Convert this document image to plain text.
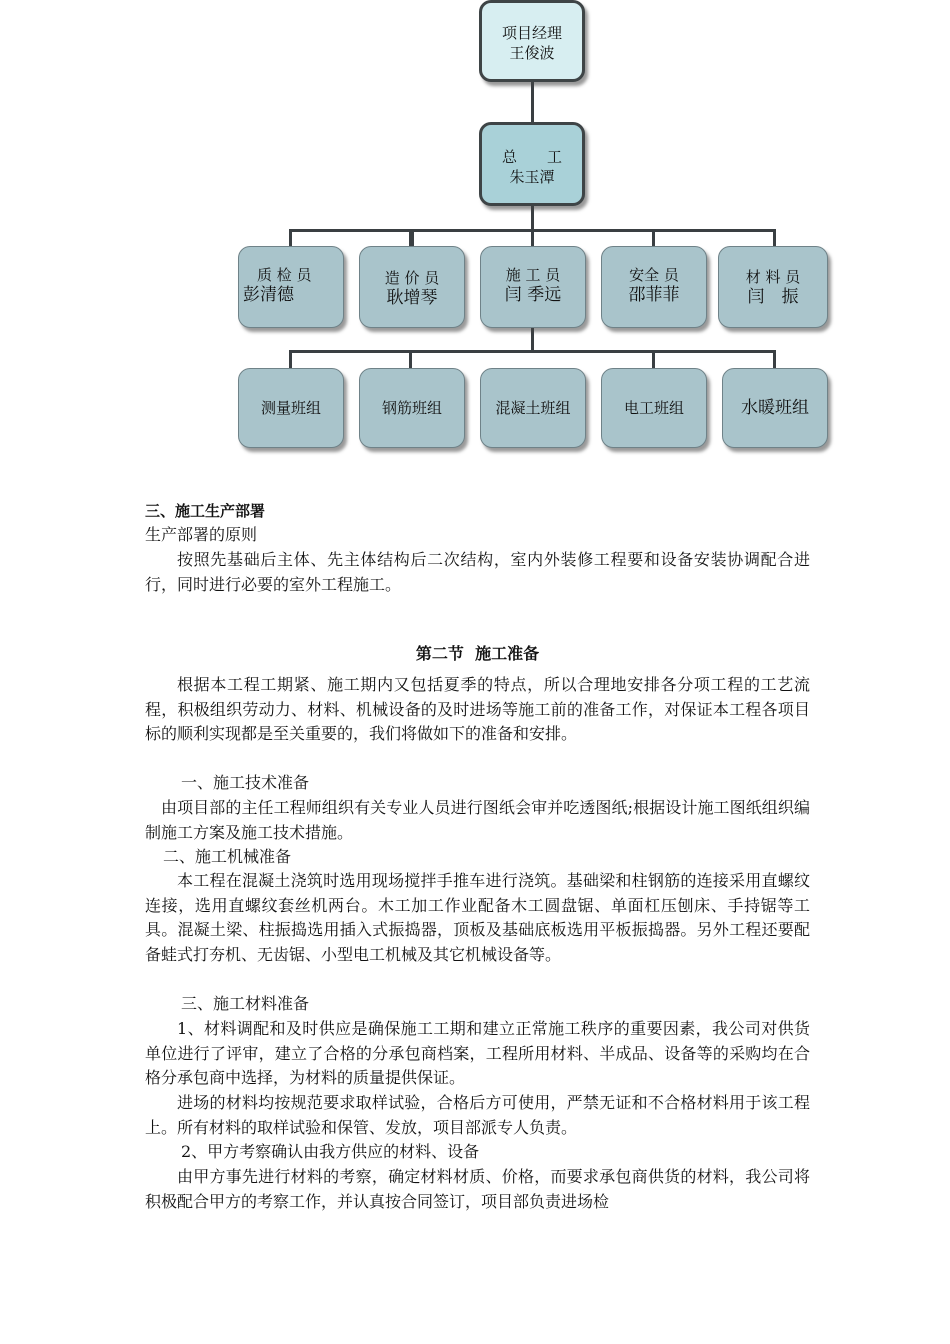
项目经理
王俊波
总　　工
朱玉潭
质 检 员
彭清德
造 价 员
耿增琴
施 工 员
闫 季远
安全 员
邵菲菲
材 料 员
闫　振
测量班组	钢筋班组	混凝土班组	电工班组	水暖班组
三、施工生产部署
生产部署的原则

按照先基础后主体、先主体结构后二次结构，室内外装修工程要和设备安装协调配合进行，同时进行必要的室外工程施工。

第二节  施工准备

根据本工程工期紧、施工期内又包括夏季的特点，所以合理地安排各分项工程的工艺流程，积极组织劳动力、材料、机械设备的及时进场等施工前的准备工作，对保证本工程各项目标的顺利实现都是至关重要的，我们将做如下的准备和安排。

一、施工技术准备

由项目部的主任工程师组织有关专业人员进行图纸会审并吃透图纸;根据设计施工图纸组织编制施工方案及施工技术措施。

二、施工机械准备

本工程在混凝土浇筑时选用现场搅拌手推车进行浇筑。基础梁和柱钢筋的连接采用直螺纹连接，选用直螺纹套丝机两台。木工加工作业配备木工圆盘锯、单面杠压刨床、手持锯等工具。混凝土梁、柱振捣选用插入式振捣器，顶板及基础底板选用平板振捣器。另外工程还要配备蛙式打夯机、无齿锯、小型电工机械及其它机械设备等。

三、施工材料准备

1、材料调配和及时供应是确保施工工期和建立正常施工秩序的重要因素，我公司对供货单位进行了评审，建立了合格的分承包商档案，工程所用材料、半成品、设备等的采购均在合格分承包商中选择，为材料的质量提供保证。

进场的材料均按规范要求取样试验，合格后方可使用，严禁无证和不合格材料用于该工程上。所有材料的取样试验和保管、发放，项目部派专人负责。

2、甲方考察确认由我方供应的材料、设备

由甲方事先进行材料的考察，确定材料材质、价格，而要求承包商供货的材料，我公司将积极配合甲方的考察工作，并认真按合同签订，项目部负责进场检
